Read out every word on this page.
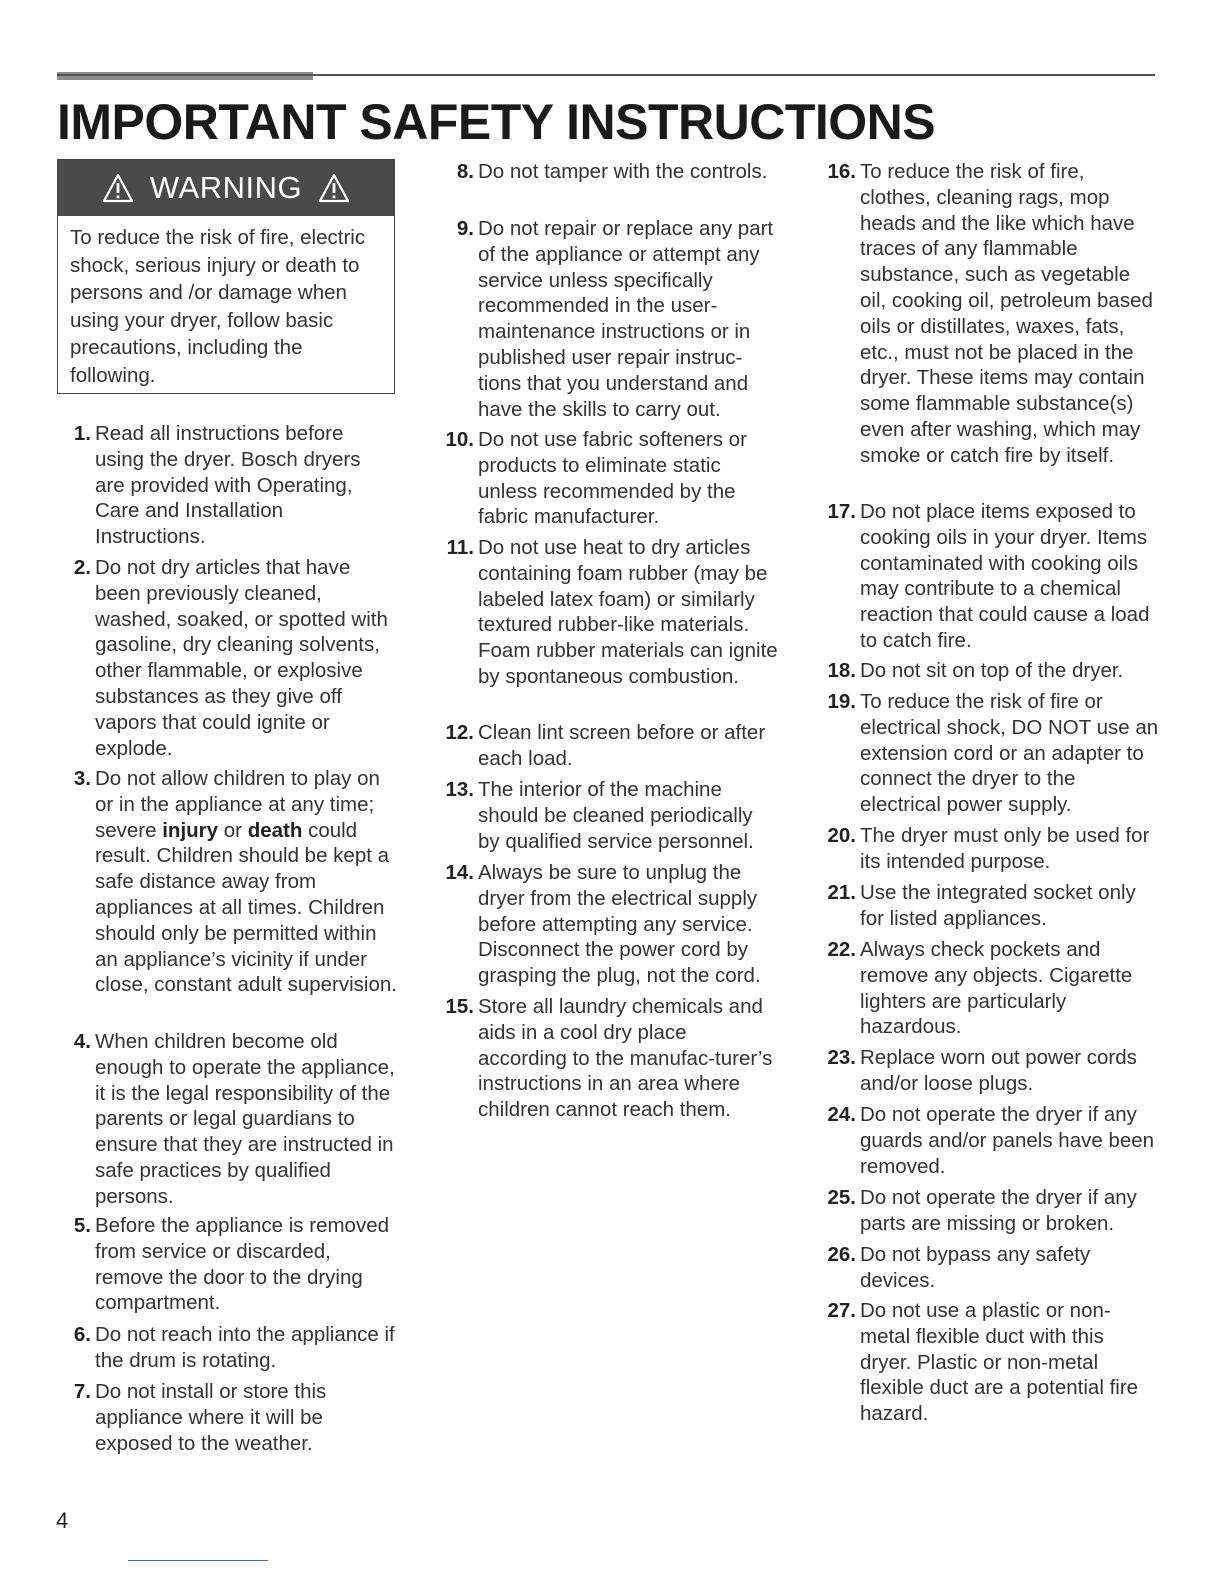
IMPORTANT SAFETY INSTRUCTIONS
WARNING
To reduce the risk of fire, electric shock, serious injury or death to persons and /or damage when using your dryer, follow basic precautions, including the following.
1. Read all instructions before using the dryer. Bosch dryers are provided with Operating, Care and Installation Instructions.
2. Do not dry articles that have been previously cleaned, washed, soaked, or spotted with gasoline, dry cleaning solvents, other flammable, or explosive substances as they give off vapors that could ignite or explode.
3. Do not allow children to play on or in the appliance at any time; severe injury or death could result. Children should be kept a safe distance away from appliances at all times. Children should only be permitted within an appliance’s vicinity if under close, constant adult supervision.
4. When children become old enough to operate the appliance, it is the legal responsibility of the parents or legal guardians to ensure that they are instructed in safe practices by qualified persons.
5. Before the appliance is removed from service or discarded, remove the door to the drying compartment.
6. Do not reach into the appliance if the drum is rotating.
7. Do not install or store this appliance where it will be exposed to the weather.
8. Do not tamper with the controls.
9. Do not repair or replace any part of the appliance or attempt any service unless specifically recommended in the user-maintenance instructions or in published user repair instruc-tions that you understand and have the skills to carry out.
10. Do not use fabric softeners or products to eliminate static unless recommended by the fabric manufacturer.
11. Do not use heat to dry articles containing foam rubber (may be labeled latex foam) or similarly textured rubber-like materials. Foam rubber materials can ignite by spontaneous combustion.
12. Clean lint screen before or after each load.
13. The interior of the machine should be cleaned periodically by qualified service personnel.
14. Always be sure to unplug the dryer from the electrical supply before attempting any service. Disconnect the power cord by grasping the plug, not the cord.
15. Store all laundry chemicals and aids in a cool dry place according to the manufac-turer’s instructions in an area where children cannot reach them.
16. To reduce the risk of fire, clothes, cleaning rags, mop heads and the like which have traces of any flammable substance, such as vegetable oil, cooking oil, petroleum based oils or distillates, waxes, fats, etc., must not be placed in the dryer. These items may contain some flammable substance(s) even after washing, which may smoke or catch fire by itself.
17. Do not place items exposed to cooking oils in your dryer. Items contaminated with cooking oils may contribute to a chemical reaction that could cause a load to catch fire.
18. Do not sit on top of the dryer.
19. To reduce the risk of fire or electrical shock, DO NOT use an extension cord or an adapter to connect the dryer to the electrical power supply.
20. The dryer must only be used for its intended purpose.
21. Use the integrated socket only for listed appliances.
22. Always check pockets and remove any objects. Cigarette lighters are particularly hazardous.
23. Replace worn out power cords and/or loose plugs.
24. Do not operate the dryer if any guards and/or panels have been removed.
25. Do not operate the dryer if any parts are missing or broken.
26. Do not bypass any safety devices.
27. Do not use a plastic or non-metal flexible duct with this dryer. Plastic or non-metal flexible duct are a potential fire hazard.
4
